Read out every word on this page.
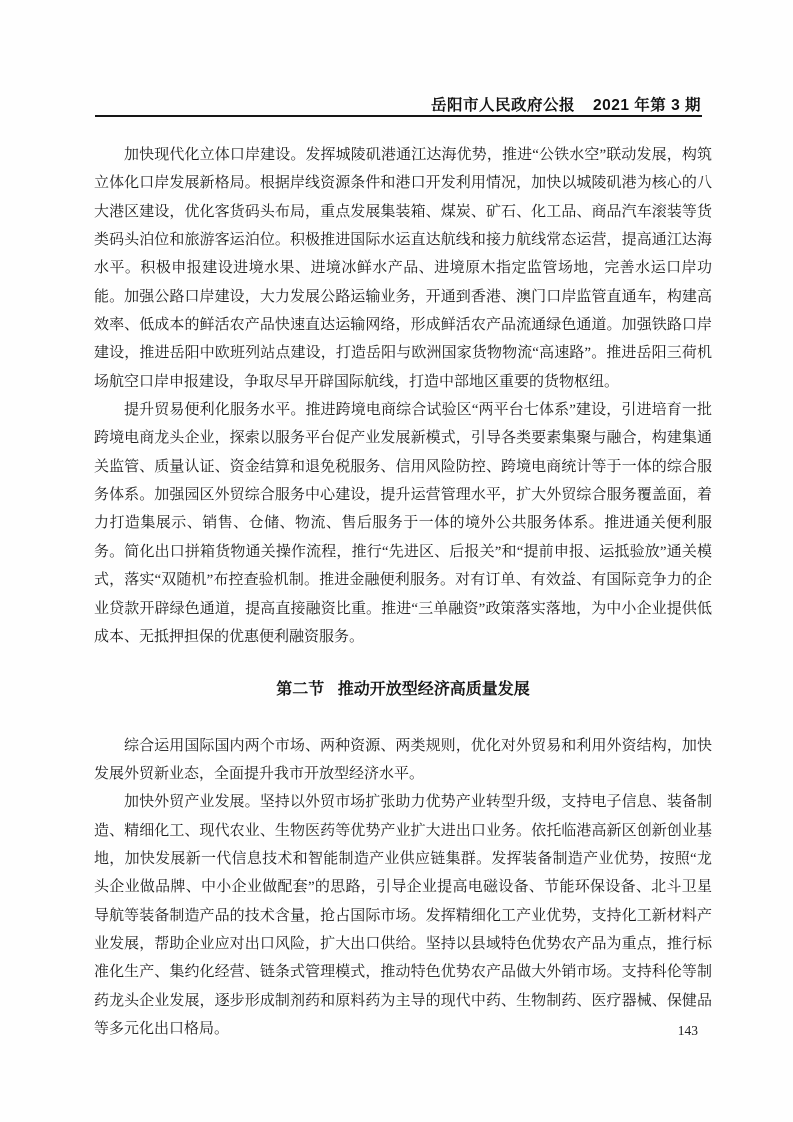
岳阳市人民政府公报 2021 年第 3 期

加快现代化立体口岸建设。发挥城陵矶港通江达海优势，推进“公铁水空”联动发展，构筑立体化口岸发展新格局。根据岸线资源条件和港口开发利用情况，加快以城陵矶港为核心的八大港区建设，优化客货码头布局，重点发展集装箱、煤炭、矿石、化工品、商品汽车滚装等货类码头泊位和旅游客运泊位。积极推进国际水运直达航线和接力航线常态运营，提高通江达海水平。积极申报建设进境水果、进境冰鲜水产品、进境原木指定监管场地，完善水运口岸功能。加强公路口岸建设，大力发展公路运输业务，开通到香港、澳门口岸监管直通车，构建高效率、低成本的鲜活农产品快速直达运输网络，形成鲜活农产品流通绿色通道。加强铁路口岸建设，推进岳阳中欧班列站点建设，打造岳阳与欧洲国家货物物流“高速路”。推进岳阳三荷机场航空口岸申报建设，争取尽早开辟国际航线，打造中部地区重要的货物枢纽。

提升贸易便利化服务水平。推进跨境电商综合试验区“两平台七体系”建设，引进培育一批跨境电商龙头企业，探索以服务平台促产业发展新模式，引导各类要素集聚与融合，构建集通关监管、质量认证、资金结算和退免税服务、信用风险防控、跨境电商统计等于一体的综合服务体系。加强园区外贸综合服务中心建设，提升运营管理水平，扩大外贸综合服务覆盖面，着力打造集展示、销售、仓储、物流、售后服务于一体的境外公共服务体系。推进通关便利服务。简化出口拼箱货物通关操作流程，推行“先进区、后报关”和“提前申报、运抵验放”通关模式，落实“双随机”布控查验机制。推进金融便利服务。对有订单、有效益、有国际竞争力的企业贷款开辟绿色通道，提高直接融资比重。推进“三单融资”政策落实落地，为中小企业提供低成本、无抵押担保的优惠便利融资服务。

第二节 推动开放型经济高质量发展

综合运用国际国内两个市场、两种资源、两类规则，优化对外贸易和利用外资结构，加快发展外贸新业态，全面提升我市开放型经济水平。

加快外贸产业发展。坚持以外贸市场扩张助力优势产业转型升级，支持电子信息、装备制造、精细化工、现代农业、生物医药等优势产业扩大进出口业务。依托临港高新区创新创业基地，加快发展新一代信息技术和智能制造产业供应链集群。发挥装备制造产业优势，按照“龙头企业做品牌、中小企业做配套”的思路，引导企业提高电磁设备、节能环保设备、北斗卫星导航等装备制造产品的技术含量，抢占国际市场。发挥精细化工产业优势，支持化工新材料产业发展，帮助企业应对出口风险，扩大出口供给。坚持以县域特色优势农产品为重点，推行标准化生产、集约化经营、链条式管理模式，推动特色优势农产品做大外销市场。支持科伦等制药龙头企业发展，逐步形成制剂药和原料药为主导的现代中药、生物制药、医疗器械、保健品等多元化出口格局。	143
